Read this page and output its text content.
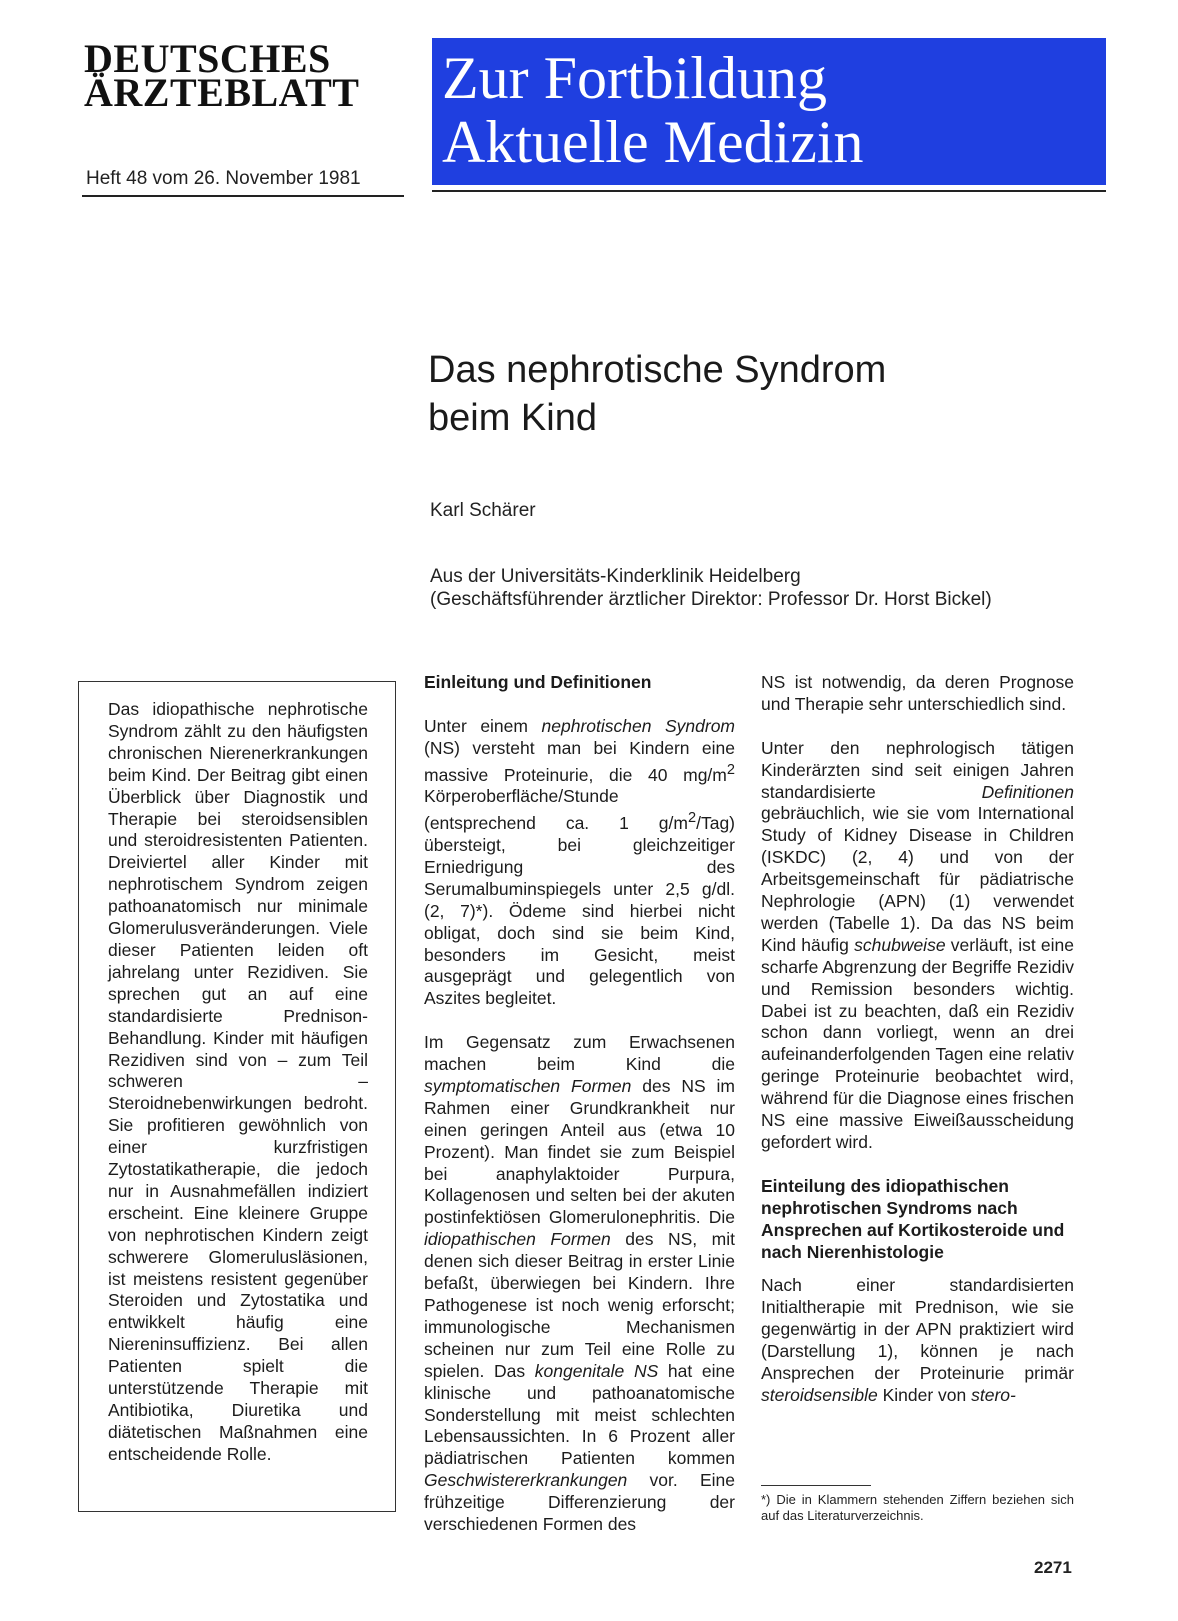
DEUTSCHES
ÄRZTEBLATT
Heft 48 vom 26. November 1981
Zur Fortbildung
Aktuelle Medizin
Das nephrotische Syndrom
beim Kind
Karl Schärer
Aus der Universitäts-Kinderklinik Heidelberg
(Geschäftsführender ärztlicher Direktor: Professor Dr. Horst Bickel)
Das idiopathische nephrotische Syndrom zählt zu den häufigsten chronischen Nierenerkrankungen beim Kind. Der Beitrag gibt einen Überblick über Diagnostik und Therapie bei steroidsensiblen und steroidresistenten Patienten. Dreiviertel aller Kinder mit nephrotischem Syndrom zeigen pathoanatomisch nur minimale Glomerulusveränderungen. Viele dieser Patienten leiden oft jahrelang unter Rezidiven. Sie sprechen gut an auf eine standardisierte Prednison-Behandlung. Kinder mit häufigen Rezidiven sind von – zum Teil schweren – Steroidnebenwirkungen bedroht. Sie profitieren gewöhnlich von einer kurzfristigen Zytostatikatherapie, die jedoch nur in Ausnahmefällen indiziert erscheint. Eine kleinere Gruppe von nephrotischen Kindern zeigt schwerere Glomerulusläsionen, ist meistens resistent gegenüber Steroiden und Zytostatika und entwikkelt häufig eine Niereninsuffizienz. Bei allen Patienten spielt die unterstützende Therapie mit Antibiotika, Diuretika und diätetischen Maßnahmen eine entscheidende Rolle.
Einleitung und Definitionen

Unter einem nephrotischen Syndrom (NS) versteht man bei Kindern eine massive Proteinurie, die 40 $mg/m^2$ Körperoberfläche/Stunde (entsprechend ca. 1 $g/m^2/Tag$) übersteigt, bei gleichzeitiger Erniedrigung des Serumalbuminspiegels unter 2,5 g/dl. (2, 7)*). Ödeme sind hierbei nicht obligat, doch sind sie beim Kind, besonders im Gesicht, meist ausgeprägt und gelegentlich von Aszites begleitet.

Im Gegensatz zum Erwachsenen machen beim Kind die symptomatischen Formen des NS im Rahmen einer Grundkrankheit nur einen geringen Anteil aus (etwa 10 Prozent). Man findet sie zum Beispiel bei anaphylaktoider Purpura, Kollagenosen und selten bei der akuten postinfektiösen Glomerulonephritis. Die idiopathischen Formen des NS, mit denen sich dieser Beitrag in erster Linie befaßt, überwiegen bei Kindern. Ihre Pathogenese ist noch wenig erforscht; immunologische Mechanismen scheinen nur zum Teil eine Rolle zu spielen. Das kongenitale NS hat eine klinische und pathoanatomische Sonderstellung mit meist schlechten Lebensaussichten. In 6 Prozent aller pädiatrischen Patienten kommen Geschwistererkrankungen vor. Eine frühzeitige Differenzierung der verschiedenen Formen des

NS ist notwendig, da deren Prognose und Therapie sehr unterschiedlich sind.

Unter den nephrologisch tätigen Kinderärzten sind seit einigen Jahren standardisierte Definitionen gebräuchlich, wie sie vom International Study of Kidney Disease in Children (ISKDC) (2, 4) und von der Arbeitsgemeinschaft für pädiatrische Nephrologie (APN) (1) verwendet werden (Tabelle 1). Da das NS beim Kind häufig schubweise verläuft, ist eine scharfe Abgrenzung der Begriffe Rezidiv und Remission besonders wichtig. Dabei ist zu beachten, daß ein Rezidiv schon dann vorliegt, wenn an drei aufeinanderfolgenden Tagen eine relativ geringe Proteinurie beobachtet wird, während für die Diagnose eines frischen NS eine massive Eiweißausscheidung gefordert wird.

Einteilung des idiopathischen nephrotischen Syndroms nach Ansprechen auf Kortikosteroide und nach Nierenhistologie

Nach einer standardisierten Initialtherapie mit Prednison, wie sie gegenwärtig in der APN praktiziert wird (Darstellung 1), können je nach Ansprechen der Proteinurie primär steroidsensible Kinder von stero-

*) Die in Klammern stehenden Ziffern beziehen sich auf das Literaturverzeichnis.
2271
